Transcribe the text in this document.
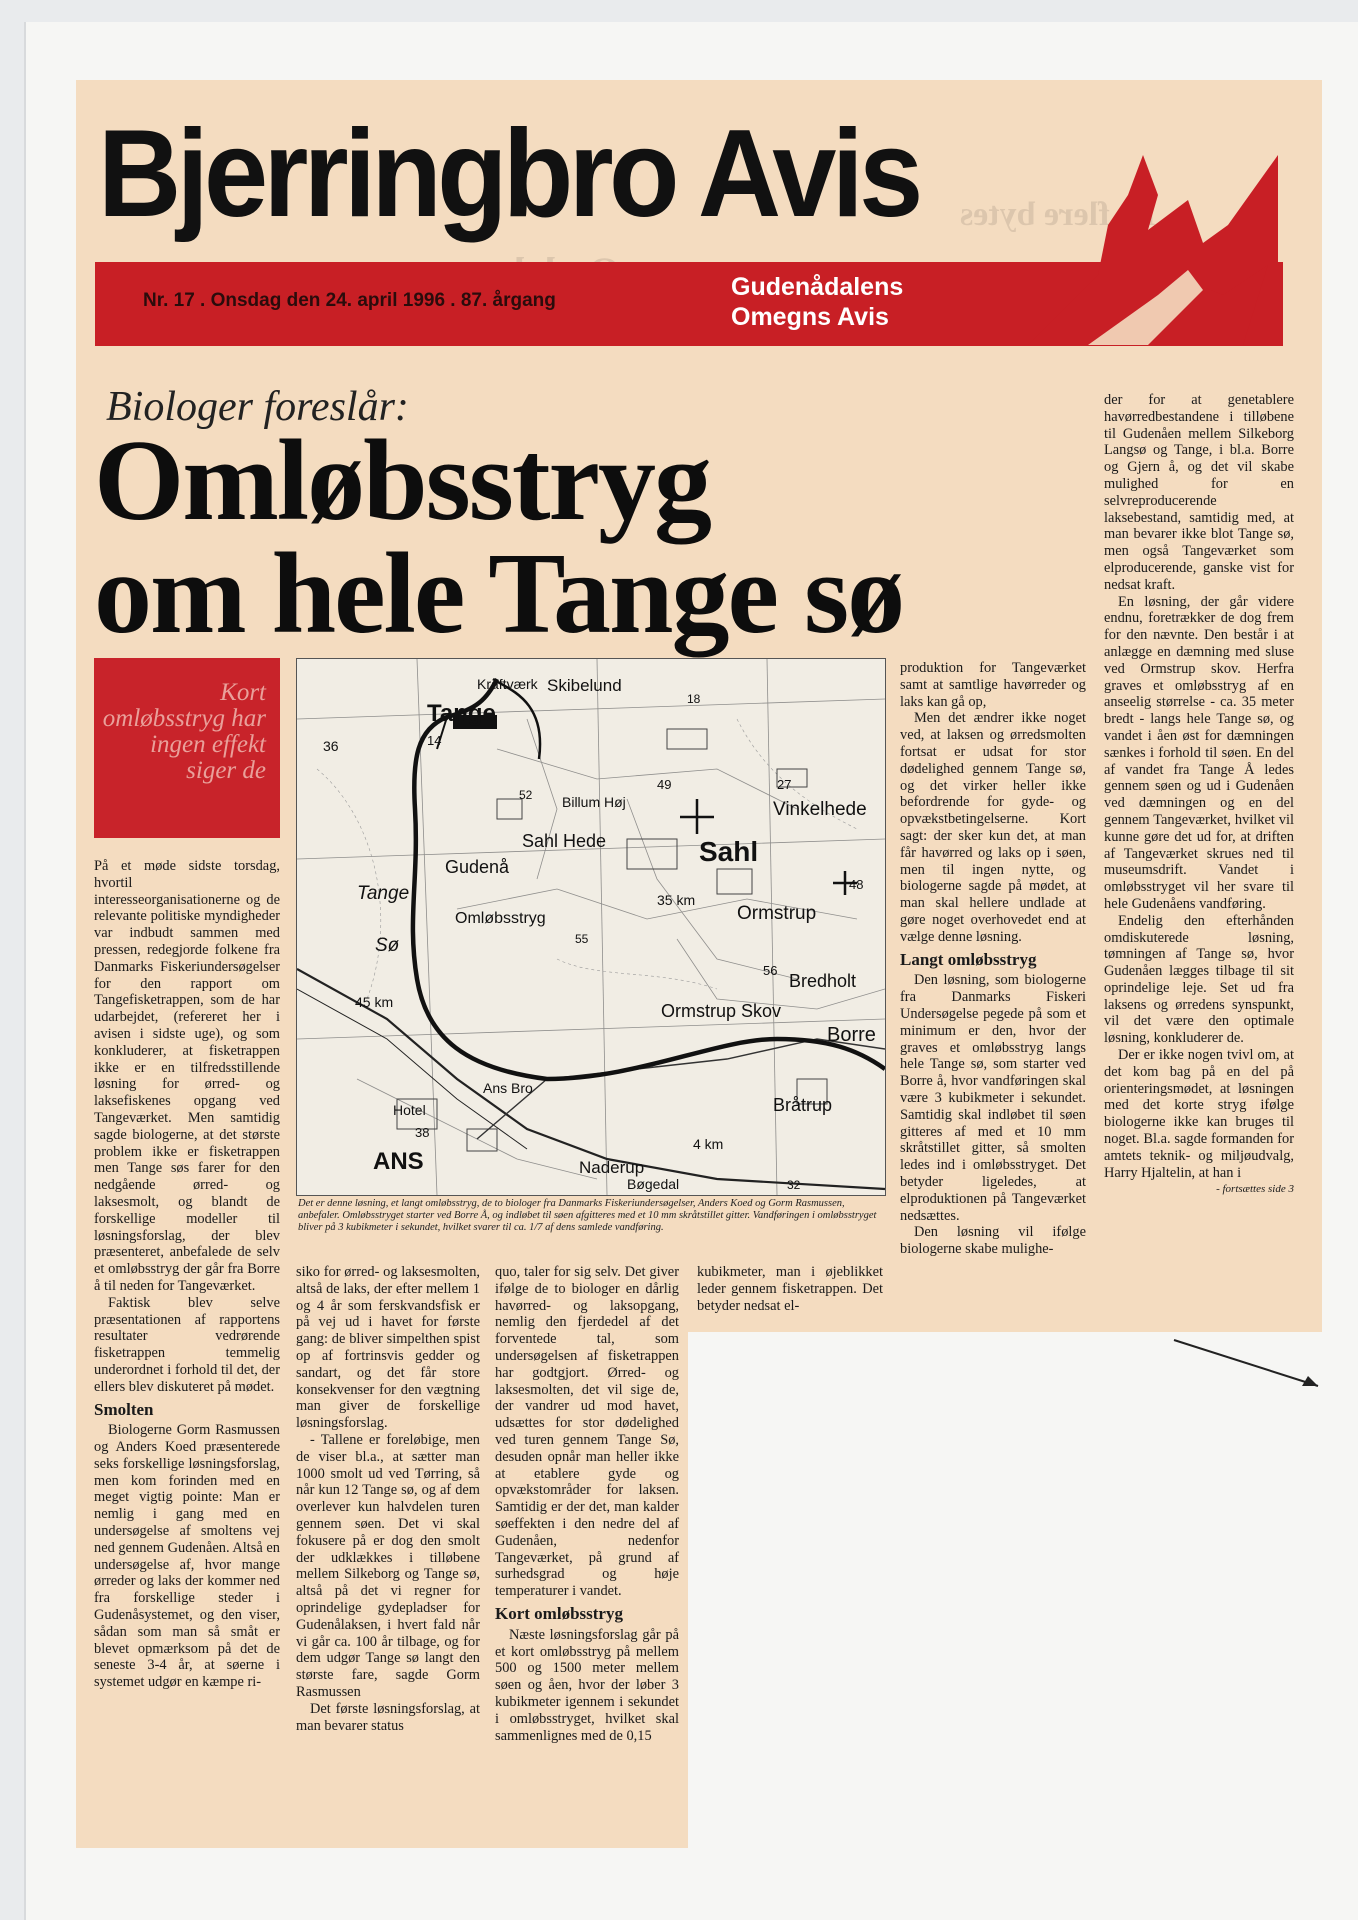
Få flere bytes
Nr. 17 . Onsdag den 24. april 1996 . 87. årgang	Gudenådalens
Omegns Avis
Bjerringbro Avis
Biologer foreslår:
Omløbsstryg
om hele Tange sø
Kort omløbsstryg har ingen effekt siger de
Kraftværk Skibelund
18
Tange
36	14
49
52 Billum Høj
27
Vinkelhede
Sahl Hede	Sahl
Gudenå
Tange	48
35 km
Ormstrup
Omløbsstryg
55
Sø
56
Bredholt
45 km	Ormstrup Skov
Borre
Ans Bro
Hotel	Bråtrup
38
4 km
ANS	Naderup
Bøgedal	32
Det er denne løsning, et langt omløbsstryg, de to biologer fra Danmarks Fiskeriundersøgelser, Anders Koed og Gorm Rasmussen, anbefaler. Omløbsstryget starter ved Borre Å, og indløbet til søen afgitteres med et 10 mm skråtstillet gitter. Vandføringen i omløbsstryget bliver på 3 kubikmeter i sekundet, hvilket svarer til ca. 1/7 af dens samlede vandføring.

På et møde sidste torsdag, hvortil interesseorganisationerne og de relevante politiske myndigheder var indbudt sammen med pressen, redegjorde folkene fra Danmarks Fiskeriundersøgelser for den rapport om Tangefisketrappen, som de har udarbejdet, (refereret her i avisen i sidste uge), og som konkluderer, at fisketrappen ikke er en tilfredsstillende løsning for ørred- og laksefiskenes opgang ved Tangeværket. Men samtidig sagde biologerne, at det største problem ikke er fisketrappen men Tange søs farer for den nedgående ørred- og laksesmolt, og blandt de forskellige modeller til løsningsforslag, der blev præsenteret, anbefalede de selv et omløbsstryg der går fra Borre å til neden for Tangeværket.

Faktisk blev selve præsentationen af rapportens resultater vedrørende fisketrappen temmelig underordnet i forhold til det, der ellers blev diskuteret på mødet.

Smolten

Biologerne Gorm Rasmussen og Anders Koed præsenterede seks forskellige løsningsforslag, men kom forinden med en meget vigtig pointe: Man er nemlig i gang med en undersøgelse af smoltens vej ned gennem Gudenåen. Altså en undersøgelse af, hvor mange ørreder og laks der kommer ned fra forskellige steder i Gudenåsystemet, og den viser, sådan som man så småt er blevet opmærksom på det de seneste 3-4 år, at søerne i systemet udgør en kæmpe ri-

siko for ørred- og laksesmolten, altså de laks, der efter mellem 1 og 4 år som ferskvandsfisk er på vej ud i havet for første gang: de bliver simpelthen spist op af fortrinsvis gedder og sandart, og det får store konsekvenser for den vægtning man giver de forskellige løsningsforslag.

- Tallene er foreløbige, men de viser bl.a., at sætter man 1000 smolt ud ved Tørring, så når kun 12 Tange sø, og af dem overlever kun halvdelen turen gennem søen. Det vi skal fokusere på er dog den smolt der udklækkes i tilløbene mellem Silkeborg og Tange sø, altså på det vi regner for oprindelige gydepladser for Gudenålaksen, i hvert fald når vi går ca. 100 år tilbage, og for dem udgør Tange sø langt den største fare, sagde Gorm Rasmussen

Det første løsningsforslag, at man bevarer status

quo, taler for sig selv. Det giver ifølge de to biologer en dårlig havørred- og laksopgang, nemlig den fjerdedel af det forventede tal, som undersøgelsen af fisketrappen har godtgjort. Ørred- og laksesmolten, det vil sige de, der vandrer ud mod havet, udsættes for stor dødelighed ved turen gennem Tange Sø, desuden opnår man heller ikke at etablere gyde og opvækstområder for laksen. Samtidig er der det, man kalder søeffekten i den nedre del af Gudenåen, nedenfor Tangeværket, på grund af surhedsgrad og høje temperaturer i vandet.

Kort omløbsstryg

Næste løsningsforslag går på et kort omløbsstryg på mellem 500 og 1500 meter mellem søen og åen, hvor der løber 3 kubikmeter igennem i sekundet i omløbsstryget, hvilket skal sammenlignes med de 0,15

kubikmeter, man i øjeblikket leder gennem fisketrappen. Det betyder nedsat el-

produktion for Tangeværket samt at samtlige havørreder og laks kan gå op,

Men det ændrer ikke noget ved, at laksen og ørredsmolten fortsat er udsat for stor dødelighed gennem Tange sø, og det virker heller ikke befordrende for gyde- og opvækstbetingelserne. Kort sagt: der sker kun det, at man får havørred og laks op i søen, men til ingen nytte, og biologerne sagde på mødet, at man skal hellere undlade at gøre noget overhovedet end at vælge denne løsning.

Langt omløbsstryg

Den løsning, som biologerne fra Danmarks Fiskeri Undersøgelse pegede på som et minimum er den, hvor der graves et omløbsstryg langs hele Tange sø, som starter ved Borre å, hvor vandføringen skal være 3 kubikmeter i sekundet. Samtidig skal indløbet til søen gitteres af med et 10 mm skråtstillet gitter, så smolten ledes ind i omløbsstryget. Det betyder ligeledes, at elproduktionen på Tangeværket nedsættes.

Den løsning vil ifølge biologerne skabe mulighe-

der for at genetablere havørredbestandene i tilløbene til Gudenåen mellem Silkeborg Langsø og Tange, i bl.a. Borre og Gjern å, og det vil skabe mulighed for en selvreproducerende laksebestand, samtidig med, at man bevarer ikke blot Tange sø, men også Tangeværket som elproducerende, ganske vist for nedsat kraft.

En løsning, der går videre endnu, foretrækker de dog frem for den nævnte. Den består i at anlægge en dæmning med sluse ved Ormstrup skov. Herfra graves et omløbsstryg af en anseelig størrelse - ca. 35 meter bredt - langs hele Tange sø, og vandet i åen øst for dæmningen sænkes i forhold til søen. En del af vandet fra Tange Å ledes gennem søen og ud i Gudenåen ved dæmningen og en del gennem Tangeværket, hvilket vil kunne gøre det ud for, at driften af Tangeværket skrues ned til museumsdrift. Vandet i omløbsstryget vil her svare til hele Gudenåens vandføring.

Endelig den efterhånden omdiskuterede løsning, tømningen af Tange sø, hvor Gudenåen lægges tilbage til sit oprindelige leje. Set ud fra laksens og ørredens synspunkt, vil det være den optimale løsning, konkluderer de.

Der er ikke nogen tvivl om, at det kom bag på en del på orienteringsmødet, at løsningen med det korte stryg ifølge biologerne ikke kan bruges til noget. Bl.a. sagde formanden for amtets teknik- og miljøudvalg, Harry Hjaltelin, at han i

- fortsættes side 3
